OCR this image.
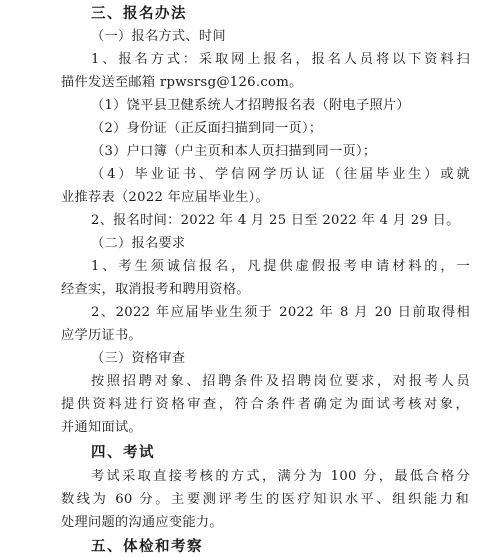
三、报名办法
（一）报名方式、时间
1、报名方式：采取网上报名，报名人员将以下资料扫
描件发送至邮箱 rpwsrsg@126.com。
（1）饶平县卫健系统人才招聘报名表（附电子照片）
（2）身份证（正反面扫描到同一页）；
（3）户口簿（户主页和本人页扫描到同一页）；
（4）毕业证书、学信网学历认证（往届毕业生）或就
业推荐表（2022 年应届毕业生）。
2、报名时间：2022 年 4 月 25 日至 2022 年 4 月 29 日。
（二）报名要求
1、考生须诚信报名，凡提供虚假报考申请材料的，一
经查实，取消报考和聘用资格。
2、2022 年应届毕业生须于 2022 年 8 月 20 日前取得相
应学历证书。
（三）资格审查
按照招聘对象、招聘条件及招聘岗位要求，对报考人员
提供资料进行资格审查，符合条件者确定为面试考核对象，
并通知面试。
四、考试
考试采取直接考核的方式，满分为 100 分，最低合格分
数线为 60 分。主要测评考生的医疗知识水平、组织能力和
处理问题的沟通应变能力。
五、体检和考察
